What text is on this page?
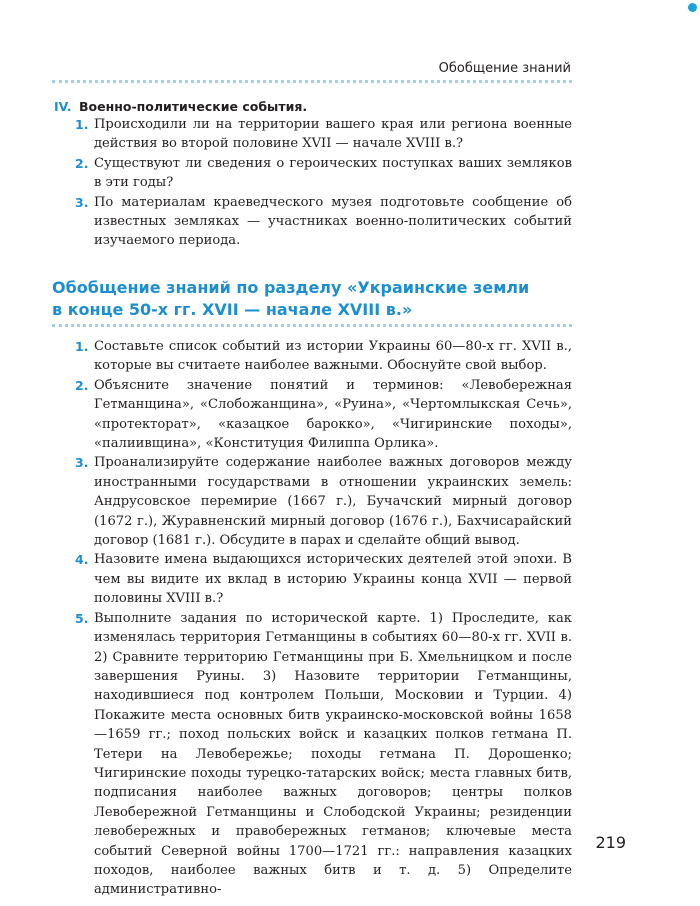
Обобщение знаний
IV. Военно-политические события.
1. Происходили ли на территории вашего края или региона военные действия во второй половине XVII — начале XVIII в.?
2. Существуют ли сведения о героических поступках ваших земляков в эти годы?
3. По материалам краеведческого музея подготовьте сообщение об известных земляках — участниках военно-политических событий изучаемого периода.
Обобщение знаний по разделу «Украинские земли
в конце 50-х гг. XVII — начале XVIII в.»
1. Составьте список событий из истории Украины 60—80-х гг. XVII в., которые вы считаете наиболее важными. Обоснуйте свой выбор.
2. Объясните значение понятий и терминов: «Левобережная Гетманщина», «Слобожанщина», «Руина», «Чертомлыкская Сечь», «протекторат», «казацкое барокко», «Чигиринские походы», «палиивщина», «Конституция Филиппа Орлика».
3. Проанализируйте содержание наиболее важных договоров между иностранными государствами в отношении украинских земель: Андрусовское перемирие (1667 г.), Бучачский мирный договор (1672 г.), Журавненский мирный договор (1676 г.), Бахчисарайский договор (1681 г.). Обсудите в парах и сделайте общий вывод.
4. Назовите имена выдающихся исторических деятелей этой эпохи. В чем вы видите их вклад в историю Украины конца XVII — первой половины XVIII в.?
5. Выполните задания по исторической карте. 1) Проследите, как изменялась территория Гетманщины в событиях 60—80-х гг. XVII в. 2) Сравните территорию Гетманщины при Б. Хмельницком и после завершения Руины. 3) Назовите территории Гетманщины, находившиеся под контролем Польши, Московии и Турции. 4) Покажите места основных битв украинско-московской войны 1658—1659 гг.; поход польских войск и казацких полков гетмана П. Тетери на Левобережье; походы гетмана П. Дорошенко; Чигиринские походы турецко-татарских войск; места главных битв, подписания наиболее важных договоров; центры полков Левобережной Гетманщины и Слободской Украины; резиденции левобережных и правобережных гетманов; ключевые места событий Северной войны 1700—1721 гг.: направления казацких походов, наиболее важных битв и т. д. 5) Определите административно-
219
